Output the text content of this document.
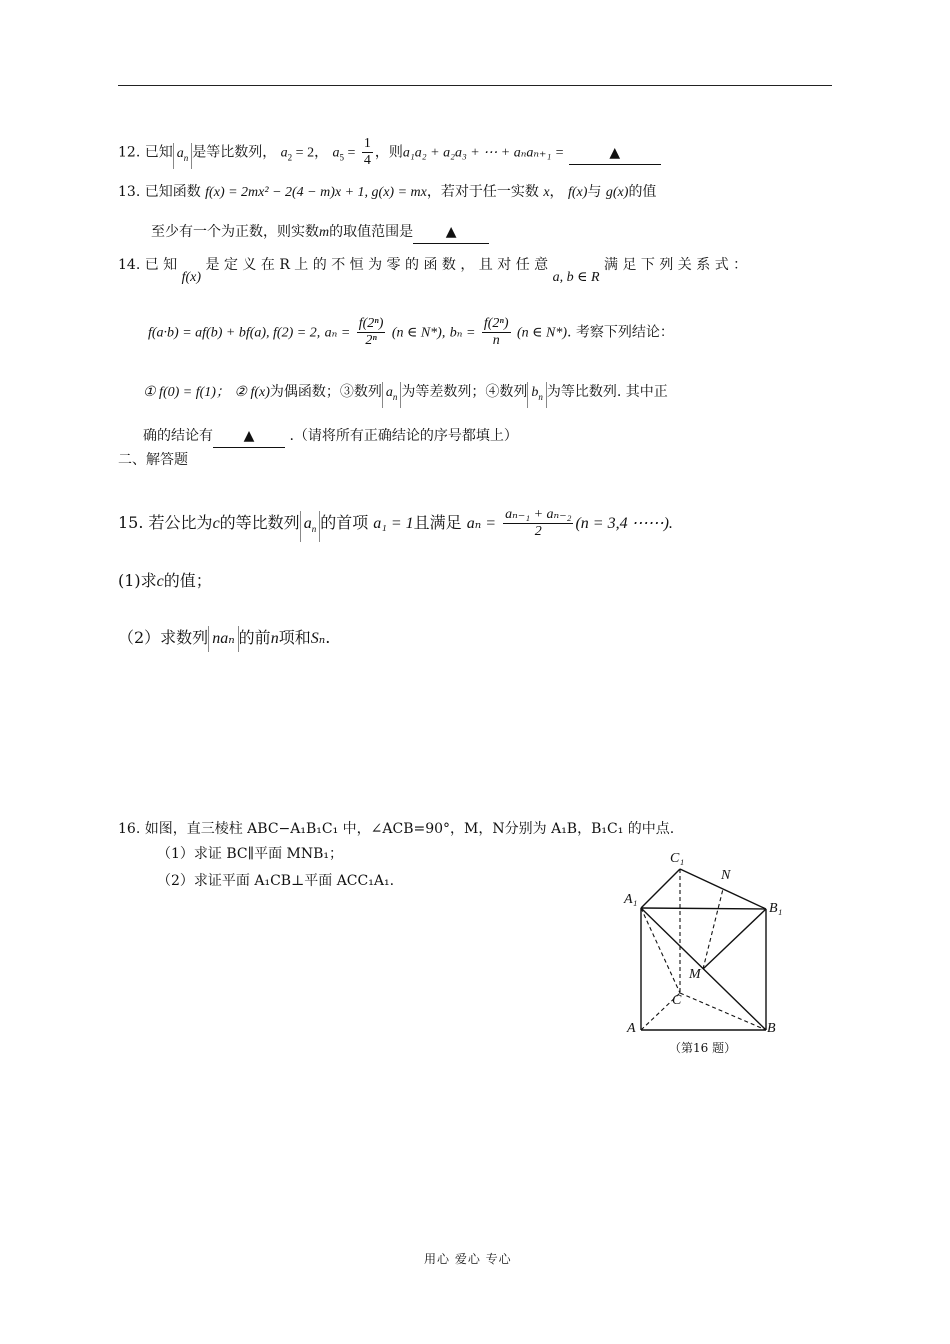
12. 已知 $a_n$ 是等比数列， $a_2 = 2$， $a_5 = \frac{1}{4}$ ，则a₁a₂ + a₂a₃ + ⋯ + aₙaₙ₊₁ =	▲
13. 已知函数 f(x) = 2mx² − 2(4 − m)x + 1, g(x) = mx，若对于任一实数 x， f(x)与 g(x)的值
至少有一个为正数，则实数m的取值范围是 ▲
14. 已 知 f(x) 是 定 义 在 R 上 的 不 恒 为 零 的 函 数 ， 且 对 任 意 a, b ∈ R 满 足 下 列 关 系 式 ：
f(a·b) = af(b) + bf(a), f(2) = 2, $a_n = \frac{\text{f(2ⁿ)}}{\text{2ⁿ}} (n$ ∈ N*), $b_n = \frac{\text{f(2ⁿ)}}{n} (n$ ∈ N*). 考察下列结论：
① f(0) = f(1)； ② f(x)为偶函数；③数列 $a_n$ 为等差数列；④数列 $b_n$ 为等比数列. 其中正
确的结论有 ▲	.（请将所有正确结论的序号都填上）
二、解答题
15. 若公比为c的等比数列 $a_n$ 的首项 a₁ = 1且满足 $a_n = \frac{\text{aₙ₋₁ + aₙ₋₂}}{2} (n = 3,4$ ⋯⋯).
(1)求c的值；
（2）求数列 naₙ 的前n项和Sₙ.
16. 如图，直三棱柱 ABC−A₁B₁C₁ 中，∠ACB=90°，M，N分别为 A₁B，B₁C₁ 的中点.
（1）求证 BC∥平面 MNB₁；
（2）求证平面 A₁CB⊥平面 ACC₁A₁.
C₁
N
A₁
B₁
M
C
A	B
（第16 题）
用心 爱心 专心
